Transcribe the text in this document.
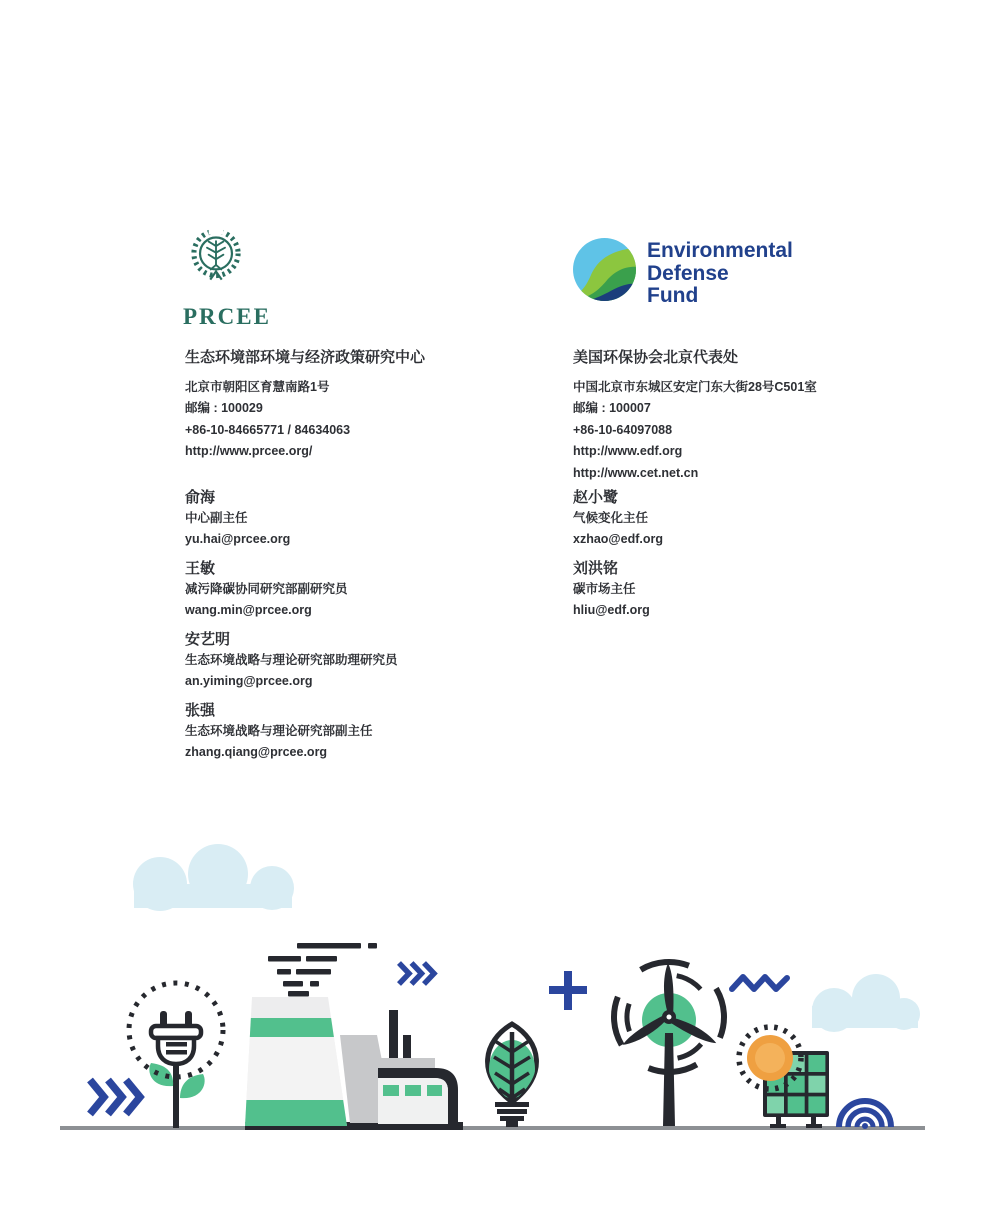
PRCEE
Environmental
Defense
Fund
生态环境部环境与经济政策研究中心
北京市朝阳区育慧南路1号
邮编 : 100029
+86-10-84665771 / 84634063
http://www.prcee.org/
美国环保协会北京代表处
中国北京市东城区安定门东大街28号C501室
邮编 : 100007
+86-10-64097088
http://www.edf.org
http://www.cet.net.cn
俞海
中心副主任
yu.hai@prcee.org
王敏
减污降碳协同研究部副研究员
wang.min@prcee.org
安艺明
生态环境战略与理论研究部助理研究员
an.yiming@prcee.org
张强
生态环境战略与理论研究部副主任
zhang.qiang@prcee.org
赵小鹭
气候变化主任
xzhao@edf.org
刘洪铭
碳市场主任
hliu@edf.org
